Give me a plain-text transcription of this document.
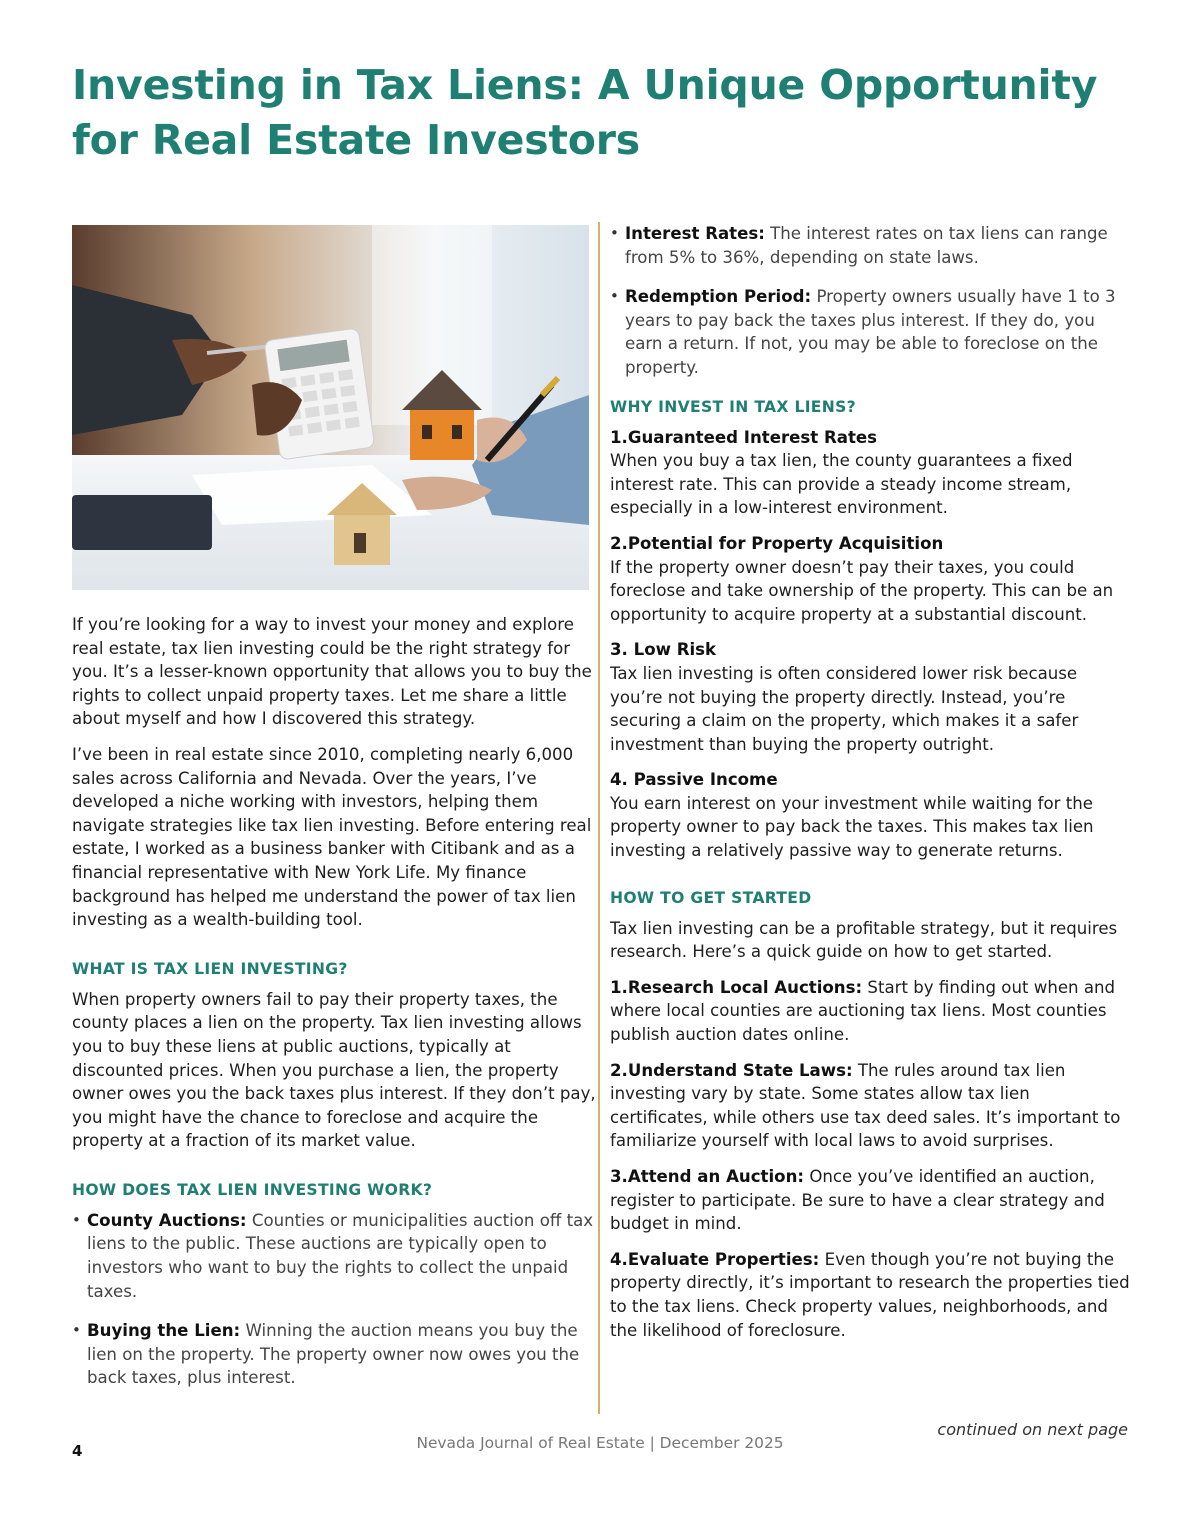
Investing in Tax Liens: A Unique Opportunity
for Real Estate Investors

If you’re looking for a way to invest your money and explore real estate, tax lien investing could be the right strategy for you. It’s a lesser-known opportunity that allows you to buy the rights to collect unpaid property taxes. Let me share a little about myself and how I discovered this strategy.

I’ve been in real estate since 2010, completing nearly 6,000 sales across California and Nevada. Over the years, I’ve developed a niche working with investors, helping them navigate strategies like tax lien investing. Before entering real estate, I worked as a business banker with Citibank and as a financial representative with New York Life. My finance background has helped me understand the power of tax lien investing as a wealth-building tool.

WHAT IS TAX LIEN INVESTING?

When property owners fail to pay their property taxes, the county places a lien on the property. Tax lien investing allows you to buy these liens at public auctions, typically at discounted prices. When you purchase a lien, the property owner owes you the back taxes plus interest. If they don’t pay, you might have the chance to foreclose and acquire the property at a fraction of its market value.

HOW DOES TAX LIEN INVESTING WORK?
• County Auctions: Counties or municipalities auction off tax liens to the public. These auctions are typically open to investors who want to buy the rights to collect the unpaid taxes.
• Buying the Lien: Winning the auction means you buy the lien on the property. The property owner now owes you the back taxes, plus interest.
• Interest Rates: The interest rates on tax liens can range from 5% to 36%, depending on state laws.
• Redemption Period: Property owners usually have 1 to 3 years to pay back the taxes plus interest. If they do, you earn a return. If not, you may be able to foreclose on the property.
WHY INVEST IN TAX LIENS?
1.Guaranteed Interest Rates
When you buy a tax lien, the county guarantees a fixed interest rate. This can provide a steady income stream, especially in a low-interest environment.
2.Potential for Property Acquisition
If the property owner doesn’t pay their taxes, you could foreclose and take ownership of the property. This can be an opportunity to acquire property at a substantial discount.
3. Low Risk
Tax lien investing is often considered lower risk because you’re not buying the property directly. Instead, you’re securing a claim on the property, which makes it a safer investment than buying the property outright.
4. Passive Income
You earn interest on your investment while waiting for the property owner to pay back the taxes. This makes tax lien investing a relatively passive way to generate returns.
HOW TO GET STARTED

Tax lien investing can be a profitable strategy, but it requires research. Here’s a quick guide on how to get started.

1.Research Local Auctions: Start by finding out when and where local counties are auctioning tax liens. Most counties publish auction dates online.

2.Understand State Laws: The rules around tax lien investing vary by state. Some states allow tax lien certificates, while others use tax deed sales. It’s important to familiarize yourself with local laws to avoid surprises.

3.Attend an Auction: Once you’ve identified an auction, register to participate. Be sure to have a clear strategy and budget in mind.

4.Evaluate Properties: Even though you’re not buying the property directly, it’s important to research the properties tied to the tax liens. Check property values, neighborhoods, and the likelihood of foreclosure.

continued on next page
4	Nevada Journal of Real Estate | December 2025
